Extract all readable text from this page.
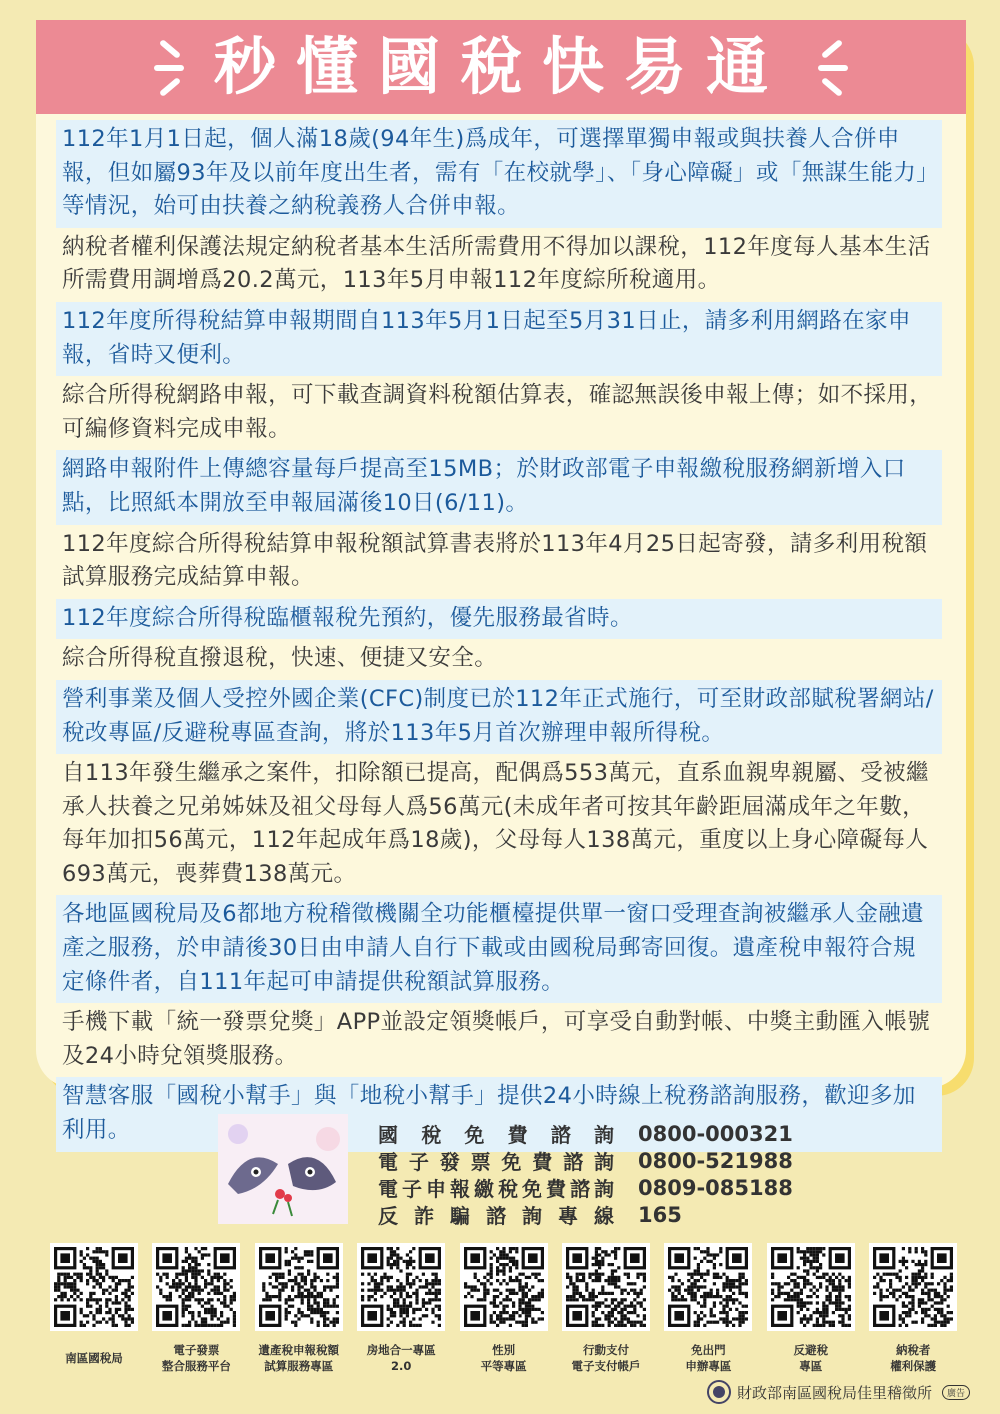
秒懂國稅快易通
112年1月1日起，個人滿18歲(94年生)爲成年，可選擇單獨申報或與扶養人合併申報，但如屬93年及以前年度出生者，需有「在校就學」、「身心障礙」或「無謀生能力」等情況，始可由扶養之納稅義務人合併申報。
納稅者權利保護法規定納稅者基本生活所需費用不得加以課稅，112年度每人基本生活所需費用調增爲20.2萬元，113年5月申報112年度綜所稅適用。
112年度所得稅結算申報期間自113年5月1日起至5月31日止，請多利用網路在家申報，省時又便利。
綜合所得稅網路申報，可下載查調資料稅額估算表，確認無誤後申報上傳；如不採用，可編修資料完成申報。
網路申報附件上傳總容量每戶提高至15MB；於財政部電子申報繳稅服務網新增入口點，比照紙本開放至申報屆滿後10日(6/11)。
112年度綜合所得稅結算申報稅額試算書表將於113年4月25日起寄發，請多利用稅額試算服務完成結算申報。
112年度綜合所得稅臨櫃報稅先預約，優先服務最省時。
綜合所得稅直撥退稅，快速、便捷又安全。
營利事業及個人受控外國企業(CFC)制度已於112年正式施行，可至財政部賦稅署網站/稅改專區/反避稅專區查詢，將於113年5月首次辦理申報所得稅。
自113年發生繼承之案件，扣除額已提高，配偶爲553萬元，直系血親卑親屬、受被繼承人扶養之兄弟姊妹及祖父母每人爲56萬元(未成年者可按其年齡距屆滿成年之年數，每年加扣56萬元，112年起成年爲18歲)，父母每人138萬元，重度以上身心障礙每人693萬元，喪葬費138萬元。
各地區國稅局及6都地方稅稽徵機關全功能櫃檯提供單一窗口受理查詢被繼承人金融遺產之服務，於申請後30日由申請人自行下載或由國稅局郵寄回復。遺產稅申報符合規定條件者，自111年起可申請提供稅額試算服務。
手機下載「統一發票兌獎」APP並設定領獎帳戶，可享受自動對帳、中獎主動匯入帳號及24小時兌領獎服務。
智慧客服「國稅小幫手」與「地稅小幫手」提供24小時線上稅務諮詢服務，歡迎多加利用。	國稅免費諮詢 0800-000321
電子發票免費諮詢 0800-521988
電子申報繳稅免費諮詢 0809-085188
反詐騙諮詢專線 165
南區國稅局
電子發票
整合服務平台
遺產稅申報稅額
試算服務專區
房地合一專區
2.0
性別
平等專區
行動支付
電子支付帳戶
免出門
申辦專區
反避稅
專區
納稅者
權利保護
財政部南區國稅局佳里稽徵所	廣告
